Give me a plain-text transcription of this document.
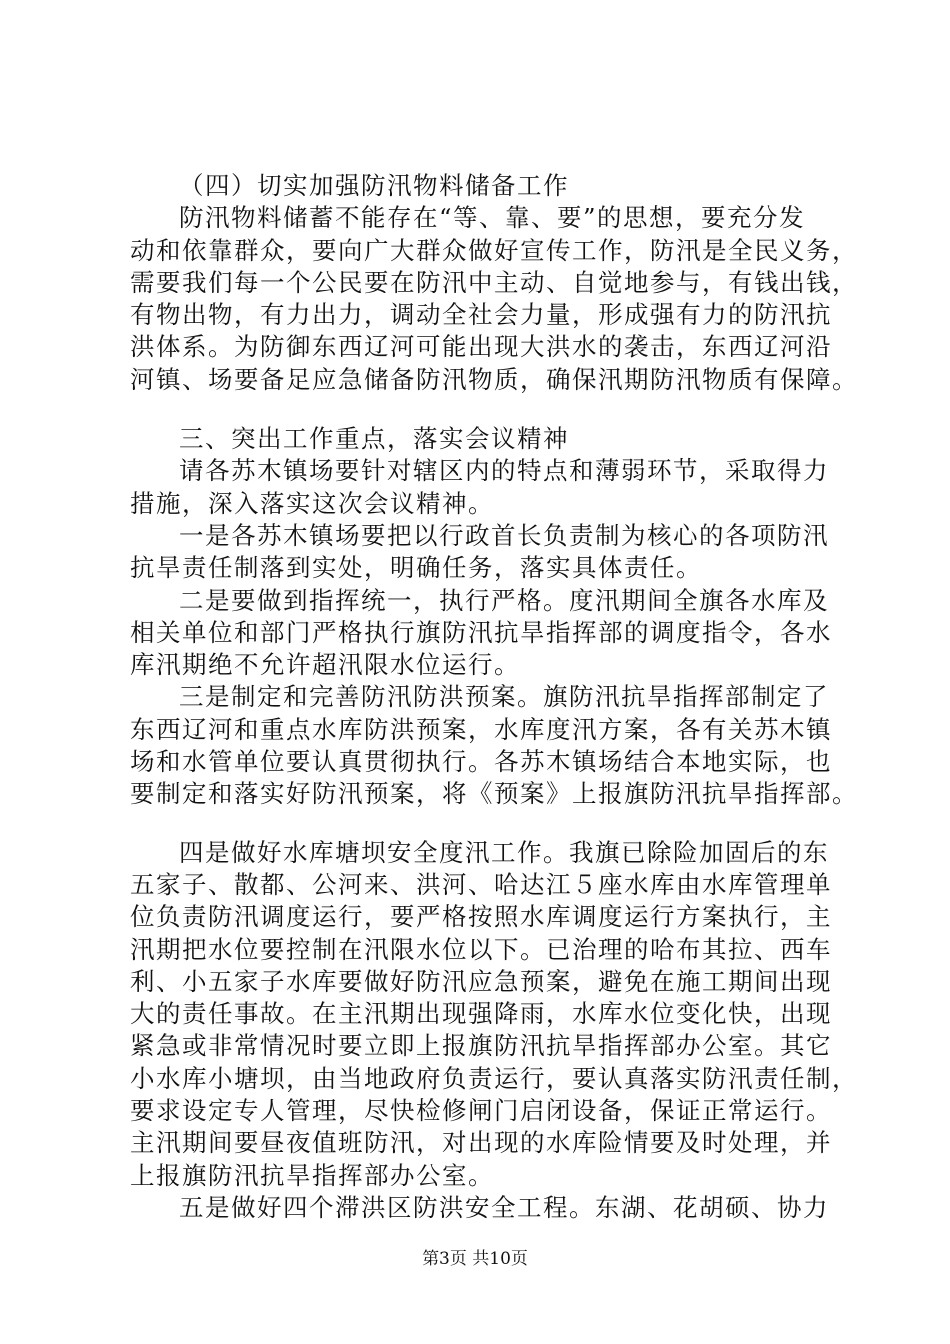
（四）切实加强防汛物料储备工作
防汛物料储蓄不能存在“等、靠、要”的思想，要充分发
动和依靠群众，要向广大群众做好宣传工作，防汛是全民义务，
需要我们每一个公民要在防汛中主动、自觉地参与，有钱出钱，
有物出物，有力出力，调动全社会力量，形成强有力的防汛抗
洪体系。为防御东西辽河可能出现大洪水的袭击，东西辽河沿
河镇、场要备足应急储备防汛物质，确保汛期防汛物质有保障。
三、突出工作重点，落实会议精神
请各苏木镇场要针对辖区内的特点和薄弱环节，采取得力
措施，深入落实这次会议精神。
一是各苏木镇场要把以行政首长负责制为核心的各项防汛
抗旱责任制落到实处，明确任务，落实具体责任。
二是要做到指挥统一，执行严格。度汛期间全旗各水库及
相关单位和部门严格执行旗防汛抗旱指挥部的调度指令，各水
库汛期绝不允许超汛限水位运行。
三是制定和完善防汛防洪预案。旗防汛抗旱指挥部制定了
东西辽河和重点水库防洪预案，水库度汛方案，各有关苏木镇
场和水管单位要认真贯彻执行。各苏木镇场结合本地实际，也
要制定和落实好防汛预案，将《预案》上报旗防汛抗旱指挥部。
四是做好水库塘坝安全度汛工作。我旗已除险加固后的东
五家子、散都、公河来、洪河、哈达江５座水库由水库管理单
位负责防汛调度运行，要严格按照水库调度运行方案执行，主
汛期把水位要控制在汛限水位以下。已治理的哈布其拉、西车
利、小五家子水库要做好防汛应急预案，避免在施工期间出现
大的责任事故。在主汛期出现强降雨，水库水位变化快，出现
紧急或非常情况时要立即上报旗防汛抗旱指挥部办公室。其它
小水库小塘坝，由当地政府负责运行，要认真落实防汛责任制，
要求设定专人管理，尽快检修闸门启闭设备，保证正常运行。
主汛期间要昼夜值班防汛，对出现的水库险情要及时处理，并
上报旗防汛抗旱指挥部办公室。
五是做好四个滞洪区防洪安全工程。东湖、花胡硕、协力
第3页 共10页
